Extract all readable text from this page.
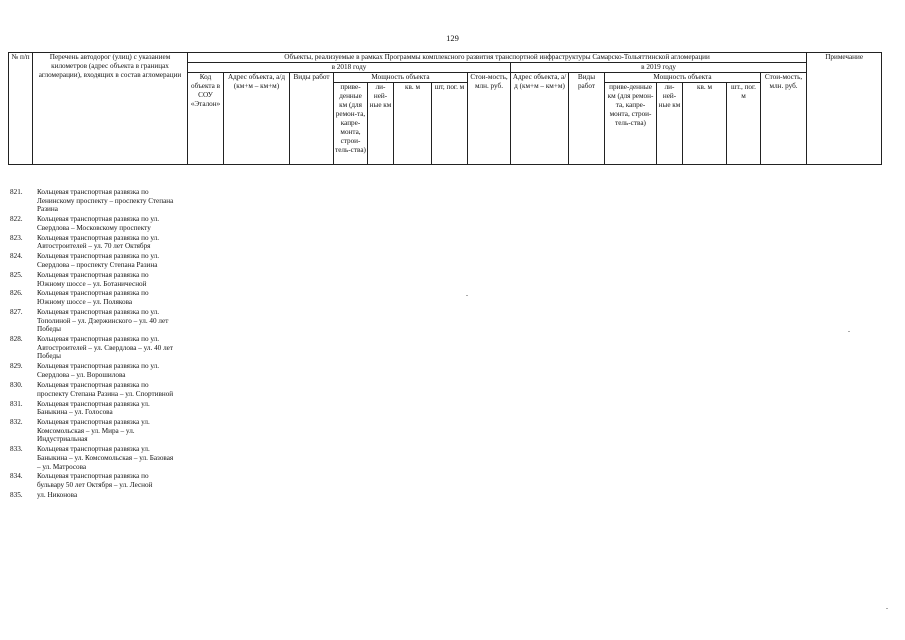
129
№ п/п	Перечень автодорог (улиц) с указанием километров (адрес объекта в границах агломерации), входящих в состав агломерации	Объекты, реализуемые в рамках Программы комплексного развития транспортной инфраструктуры Самарско-Тольяттинской агломерации															Примечание
		в 2018 году								в 2019 году							
		Код объекта в СОУ «Эталон»	Адрес объекта, а/д (км+м – км+м)	Виды работ	Мощность объекта				Стои-мость, млн. руб.	Адрес объекта, а/д (км+м – км+м)	Виды работ	Мощность объекта				Стои-мость, млн. руб.	
					приве-денные км (для ремон-та, капре-монта, строи-тель-ства)	ли-ней-ные км	кв. м	шт, пог. м				приве-денные км (для ремон-та, капре-монта, строи-тель-ства)	ли-ней-ные км	кв. м	шт., пог. м		
821.	Кольцевая транспортная развязка по Ленинскому проспекту – проспекту Степана Разина
822.	Кольцевая транспортная развязка по ул. Свердлова – Московскому проспекту
823.	Кольцевая транспортная развязка по ул. Автостроителей – ул. 70 лет Октября
824.	Кольцевая транспортная развязка по ул. Свердлова – проспекту Степана Разина
825.	Кольцевая транспортная развязка по Южному шоссе – ул. Ботаничесной
826.	Кольцевая транспортная развязка по Южному шоссе – ул. Полякова
827.	Кольцевая транспортная развязка по ул. Тополиной – ул. Дзержинского – ул. 40 лет Победы
828.	Кольцевая транспортная развязка по ул. Автостроителей – ул. Свердлова – ул. 40 лет Победы
829.	Кольцевая транспортная развязка по ул. Свердлова – ул. Ворошилова
830.	Кольцевая транспортная развязка по проспекту Степана Разина – ул. Спортивной
831.	Кольцевая транспортная развязка ул. Баныкина – ул. Голосова
832.	Кольцевая транспортная развязка ул. Комсомольская – ул. Мира – ул. Индустриальная
833.	Кольцевая транспортная развязка ул. Баныкина – ул. Комсомольская – ул. Базовая – ул. Матросова
834.	Кольцевая транспортная развязка по бульвару 50 лет Октября – ул. Лесной
835.	ул. Никонова
-
-
-
